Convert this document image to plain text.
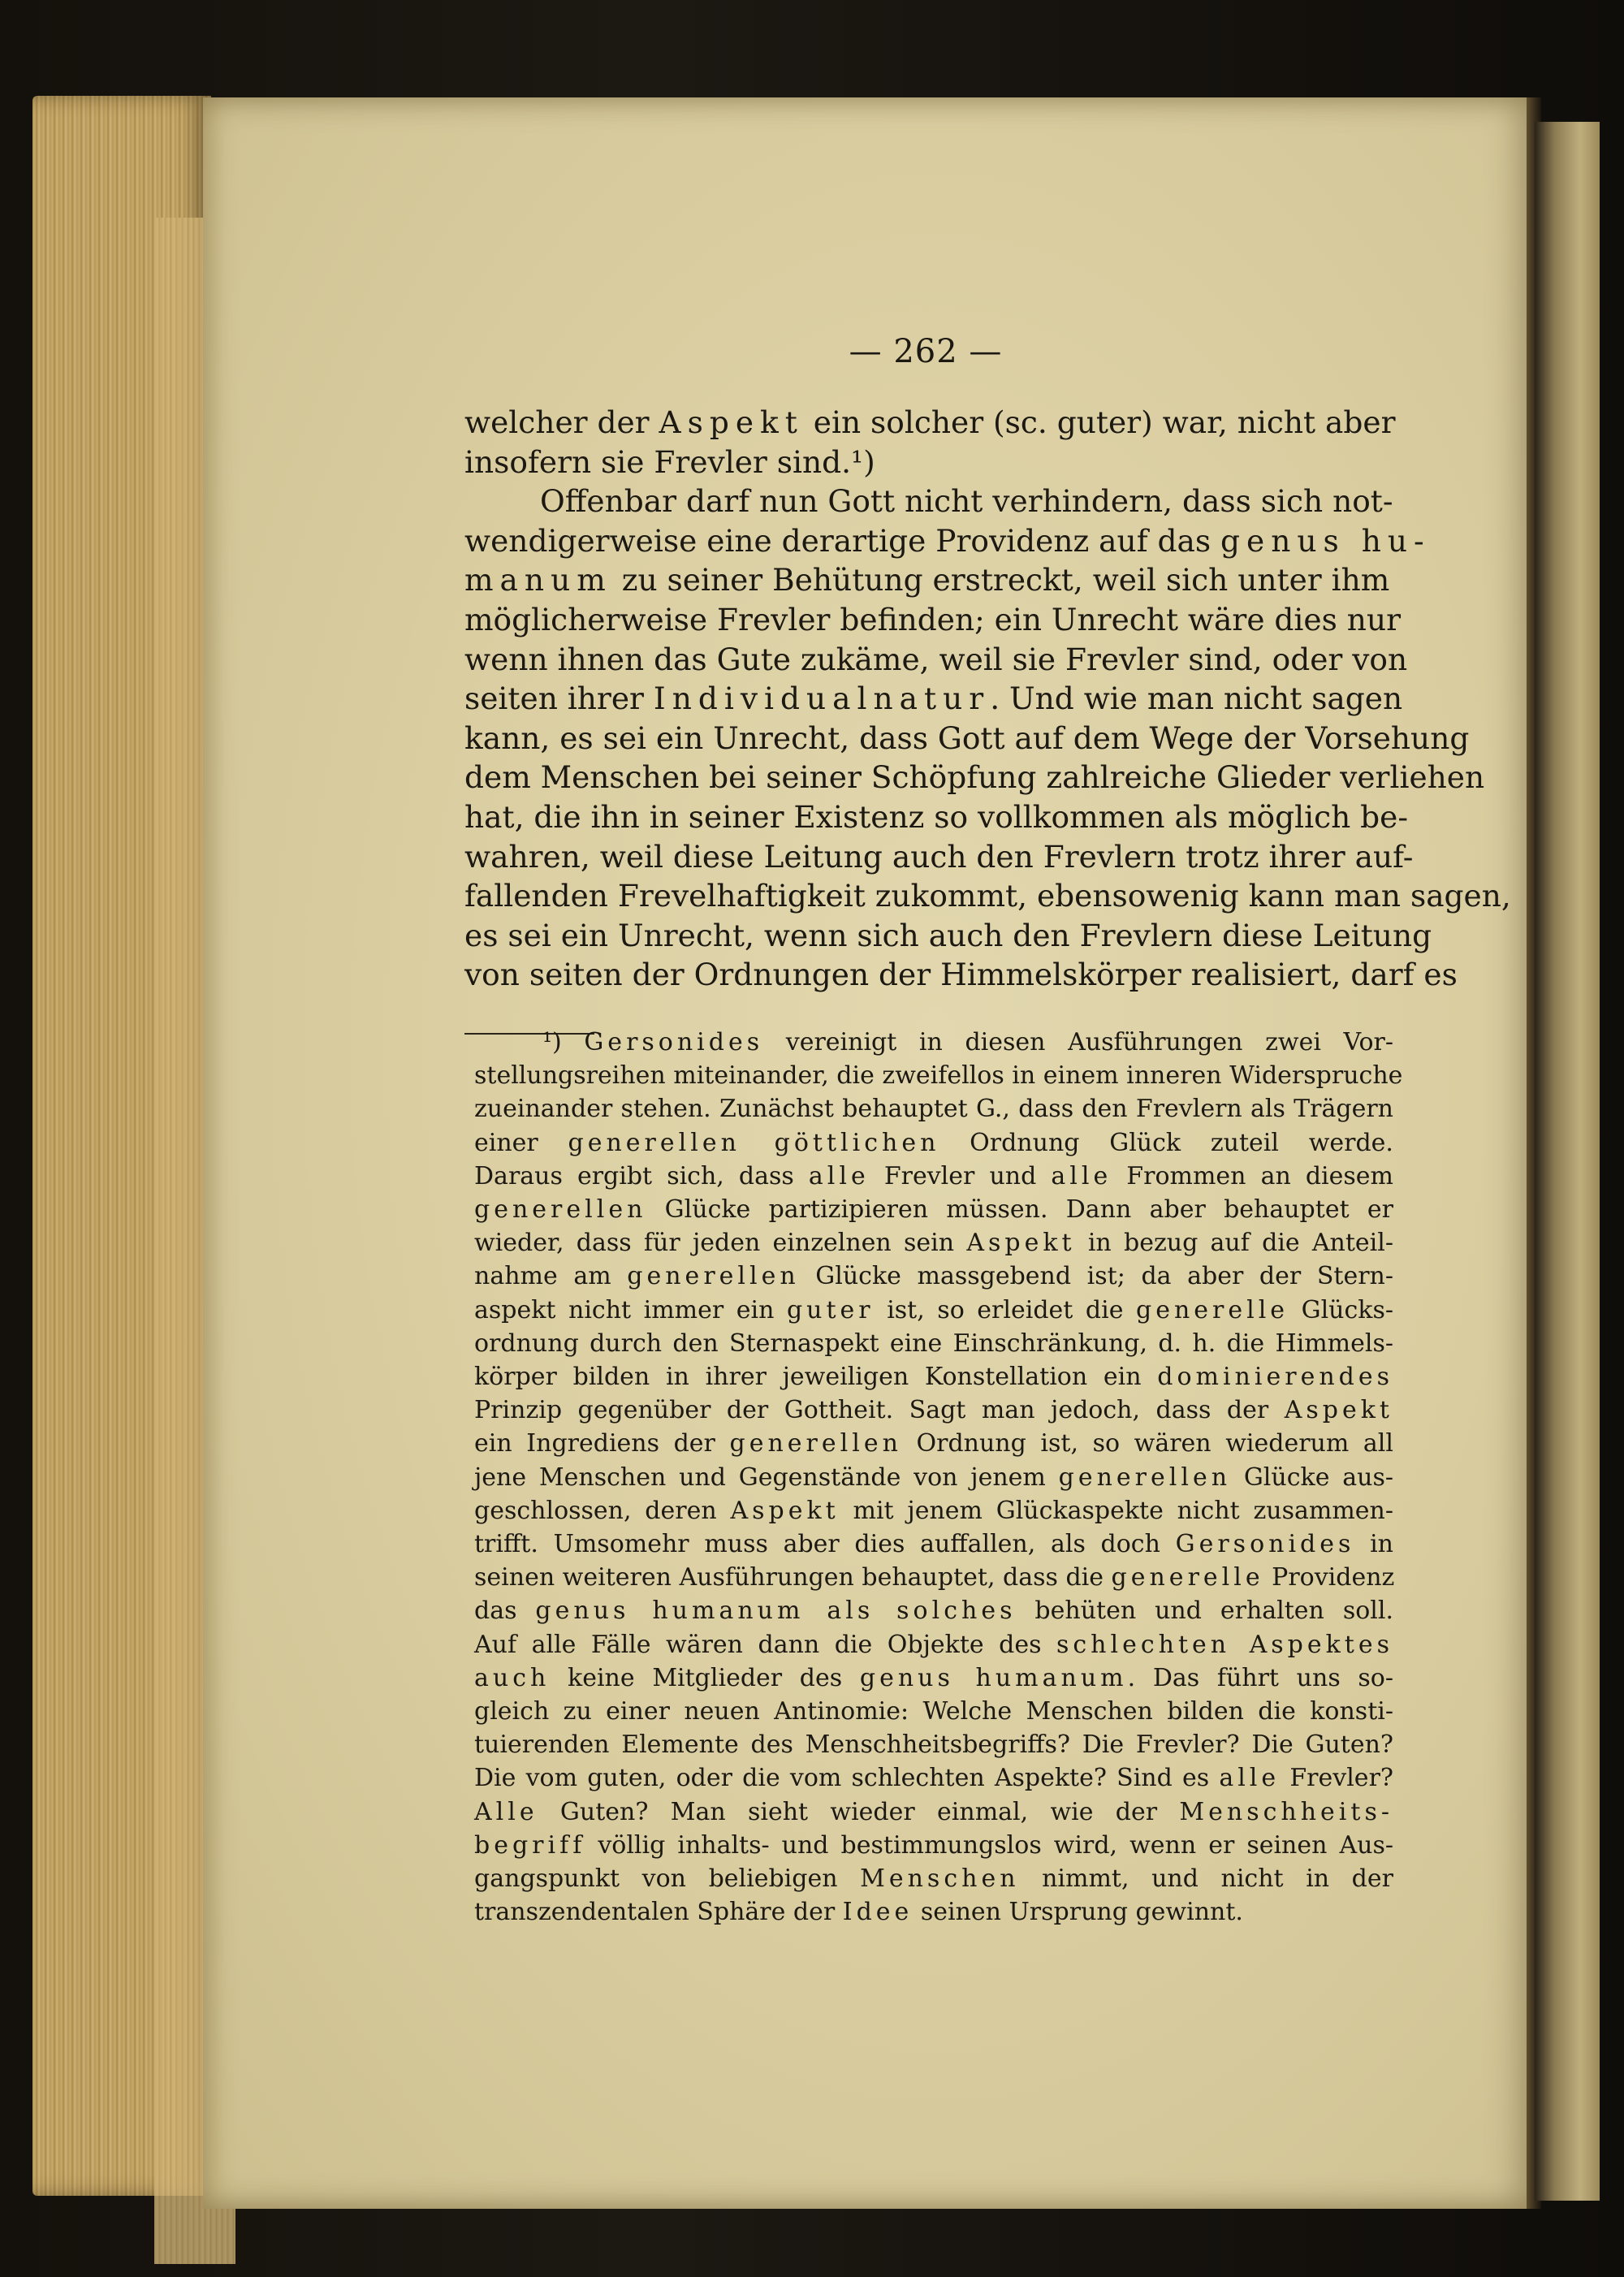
— 262 —
welcher der Aspekt ein solcher (sc. guter) war, nicht aber
insofern sie Frevler sind.¹)
Offenbar darf nun Gott nicht verhindern, dass sich not-
wendigerweise eine derartige Providenz auf das genus hu-
manum zu seiner Behütung erstreckt, weil sich unter ihm
möglicherweise Frevler befinden; ein Unrecht wäre dies nur
wenn ihnen das Gute zukäme, weil sie Frevler sind, oder von
seiten ihrer Individualnatur. Und wie man nicht sagen
kann, es sei ein Unrecht, dass Gott auf dem Wege der Vorsehung
dem Menschen bei seiner Schöpfung zahlreiche Glieder verliehen
hat, die ihn in seiner Existenz so vollkommen als möglich be-
wahren, weil diese Leitung auch den Frevlern trotz ihrer auf-
fallenden Frevelhaftigkeit zukommt, ebensowenig kann man sagen,
es sei ein Unrecht, wenn sich auch den Frevlern diese Leitung
von seiten der Ordnungen der Himmelskörper realisiert, darf es
¹) Gersonides vereinigt in diesen Ausführungen zwei Vor-
stellungsreihen miteinander, die zweifellos in einem inneren Widerspruche
zueinander stehen. Zunächst behauptet G., dass den Frevlern als Trägern
einer generellen göttlichen Ordnung Glück zuteil werde.
Daraus ergibt sich, dass alle Frevler und alle Frommen an diesem
generellen Glücke partizipieren müssen. Dann aber behauptet er
wieder, dass für jeden einzelnen sein Aspekt in bezug auf die Anteil-
nahme am generellen Glücke massgebend ist; da aber der Stern-
aspekt nicht immer ein guter ist, so erleidet die generelle Glücks-
ordnung durch den Sternaspekt eine Einschränkung, d. h. die Himmels-
körper bilden in ihrer jeweiligen Konstellation ein dominierendes
Prinzip gegenüber der Gottheit. Sagt man jedoch, dass der Aspekt
ein Ingrediens der generellen Ordnung ist, so wären wiederum all
jene Menschen und Gegenstände von jenem generellen Glücke aus-
geschlossen, deren Aspekt mit jenem Glückaspekte nicht zusammen-
trifft. Umsomehr muss aber dies auffallen, als doch Gersonides in
seinen weiteren Ausführungen behauptet, dass die generelle Providenz
das genus humanum als solches behüten und erhalten soll.
Auf alle Fälle wären dann die Objekte des schlechten Aspektes
auch keine Mitglieder des genus humanum. Das führt uns so-
gleich zu einer neuen Antinomie: Welche Menschen bilden die konsti-
tuierenden Elemente des Menschheitsbegriffs? Die Frevler? Die Guten?
Die vom guten, oder die vom schlechten Aspekte? Sind es alle Frevler?
Alle Guten? Man sieht wieder einmal, wie der Menschheits-
begriff völlig inhalts- und bestimmungslos wird, wenn er seinen Aus-
gangspunkt von beliebigen Menschen nimmt, und nicht in der
transzendentalen Sphäre der Idee seinen Ursprung gewinnt.
